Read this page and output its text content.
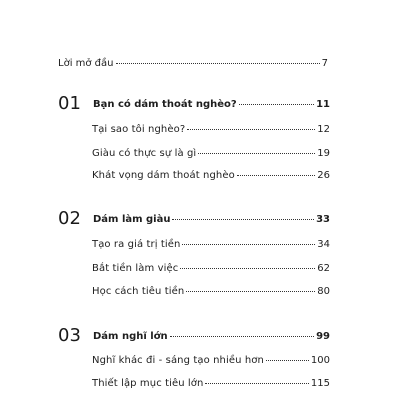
Lời mở đầu	7
01 Bạn có dám thoát nghèo?	11
Tại sao tôi nghèo?	12
Giàu có thực sự là gì	19
Khát vọng dám thoát nghèo	26
02 Dám làm giàu	33
Tạo ra giá trị tiền	34
Bắt tiền làm việc	62
Học cách tiêu tiền	80
03 Dám nghĩ lớn	99
Nghĩ khác đi - sáng tạo nhiều hơn	100
Thiết lập mục tiêu lớn	115
